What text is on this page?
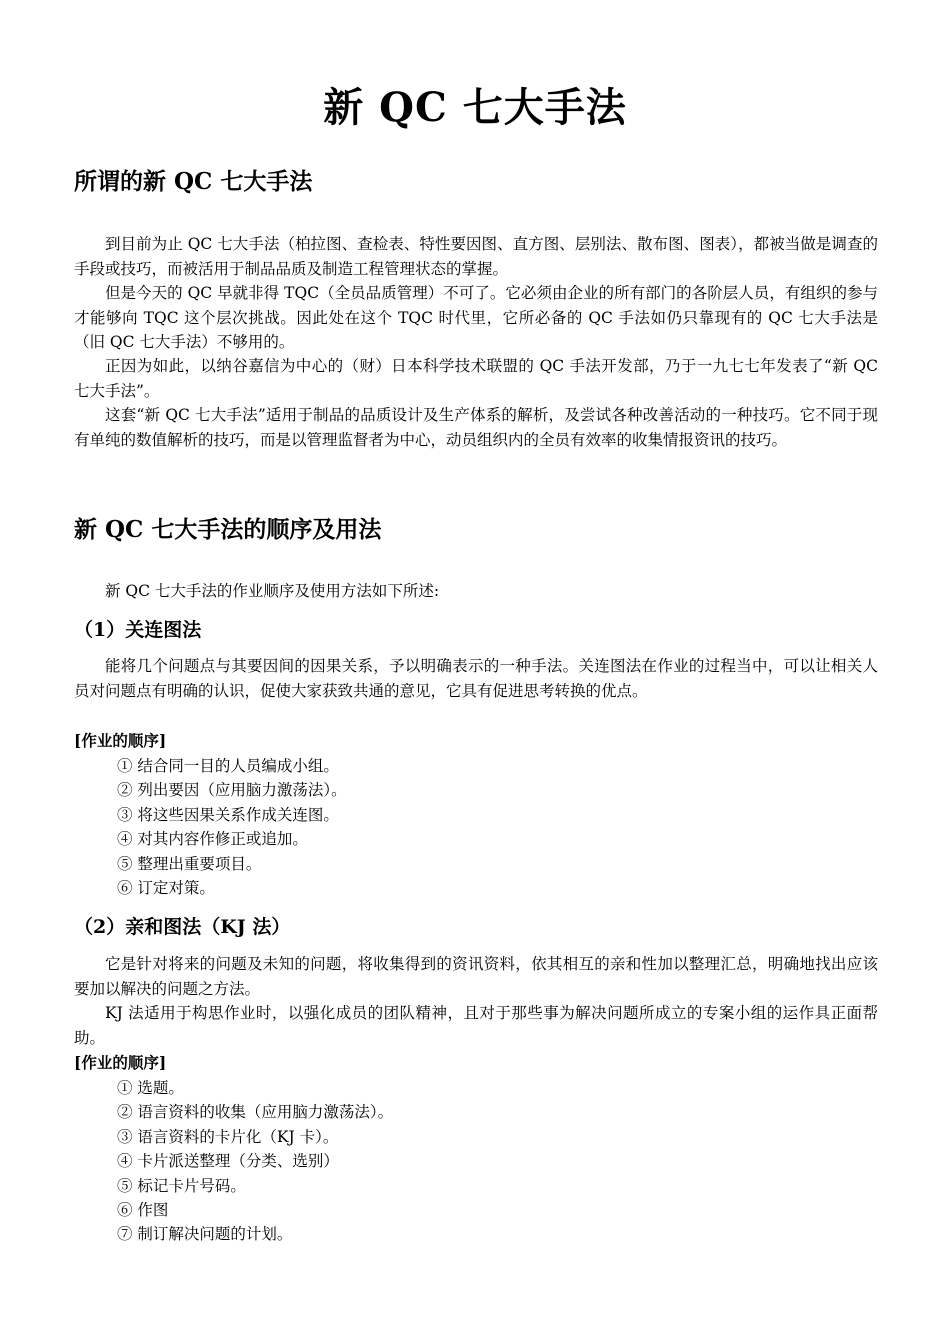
新 QC 七大手法
所谓的新 QC 七大手法
到目前为止 QC 七大手法（柏拉图、查检表、特性要因图、直方图、层别法、散布图、图表），都被当做是调查的手段或技巧，而被活用于制品品质及制造工程管理状态的掌握。
但是今天的 QC 早就非得 TQC（全员品质管理）不可了。它必须由企业的所有部门的各阶层人员，有组织的参与才能够向 TQC 这个层次挑战。因此处在这个 TQC 时代里，它所必备的 QC 手法如仍只靠现有的 QC 七大手法是（旧 QC 七大手法）不够用的。
正因为如此，以纳谷嘉信为中心的（财）日本科学技术联盟的 QC 手法开发部，乃于一九七七年发表了“新 QC 七大手法”。
这套“新 QC 七大手法”适用于制品的品质设计及生产体系的解析，及尝试各种改善活动的一种技巧。它不同于现有单纯的数值解析的技巧，而是以管理监督者为中心，动员组织内的全员有效率的收集情报资讯的技巧。
新 QC 七大手法的顺序及用法
新 QC 七大手法的作业顺序及使用方法如下所述:
（1）关连图法
能将几个问题点与其要因间的因果关系，予以明确表示的一种手法。关连图法在作业的过程当中，可以让相关人员对问题点有明确的认识，促使大家获致共通的意见，它具有促进思考转换的优点。
[作业的顺序]
① 结合同一目的人员编成小组。
② 列出要因（应用脑力激荡法）。
③ 将这些因果关系作成关连图。
④ 对其内容作修正或追加。
⑤ 整理出重要项目。
⑥ 订定对策。
（2）亲和图法（KJ 法）
它是针对将来的问题及未知的问题，将收集得到的资讯资料，依其相互的亲和性加以整理汇总，明确地找出应该要加以解决的问题之方法。
KJ 法适用于构思作业时，以强化成员的团队精神，且对于那些事为解决问题所成立的专案小组的运作具正面帮助。
[作业的顺序]
① 选题。
② 语言资料的收集（应用脑力激荡法）。
③ 语言资料的卡片化（KJ 卡）。
④ 卡片派送整理（分类、选别）
⑤ 标记卡片号码。
⑥ 作图
⑦ 制订解决问题的计划。
